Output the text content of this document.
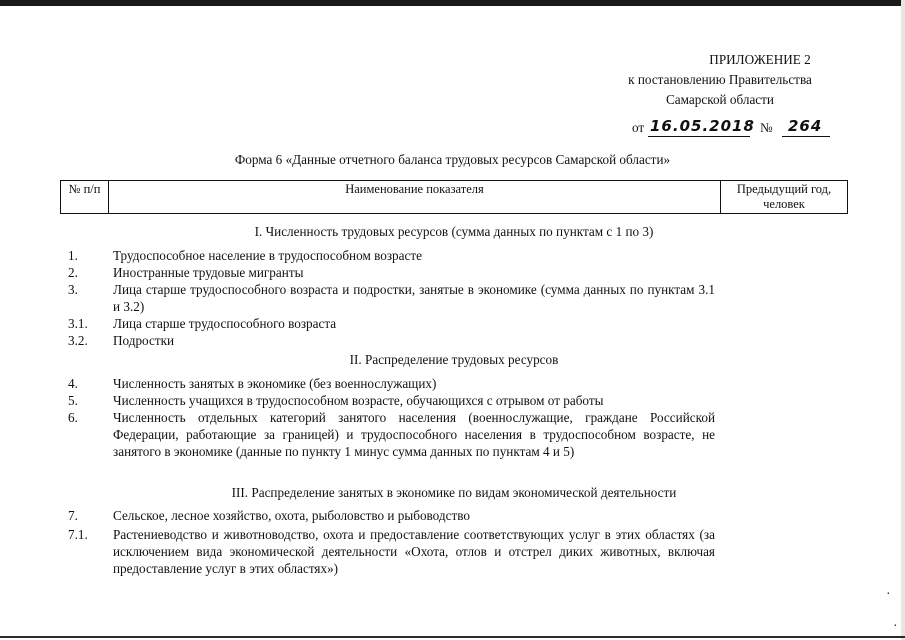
ПРИЛОЖЕНИЕ 2
к постановлению Правительства
Самарской области
от 16.05.2018 № 264
Форма 6 «Данные отчетного баланса трудовых ресурсов Самарской области»
№ п/п	Наименование показателя	Предыдущий год, человек
I. Численность трудовых ресурсов (сумма данных по пунктам с 1 по 3)
1.	Трудоспособное население в трудоспособном возрасте
2.	Иностранные трудовые мигранты
3.	Лица старше трудоспособного возраста и подростки, занятые в экономике (сумма данных по пунктам 3.1 и 3.2)
3.1.	Лица старше трудоспособного возраста
3.2.	Подростки
II. Распределение трудовых ресурсов
4.	Численность занятых в экономике (без военнослужащих)
5.	Численность учащихся в трудоспособном возрасте, обучающихся с отрывом от работы
6.	Численность отдельных категорий занятого населения (военнослужащие, граждане Российской Федерации, работающие за границей) и трудоспособного населения в трудоспособном возрасте, не занятого в экономике (данные по пункту 1 минус сумма данных по пунктам 4 и 5)
III. Распределение занятых в экономике по видам экономической деятельности
7.	Сельское, лесное хозяйство, охота, рыболовство и рыбоводство
7.1.	Растениеводство и животноводство, охота и предоставление соответствующих услуг в этих областях (за исключением вида экономической деятельности «Охота, отлов и отстрел диких животных, включая предоставление услуг в этих областях»)
·
·
